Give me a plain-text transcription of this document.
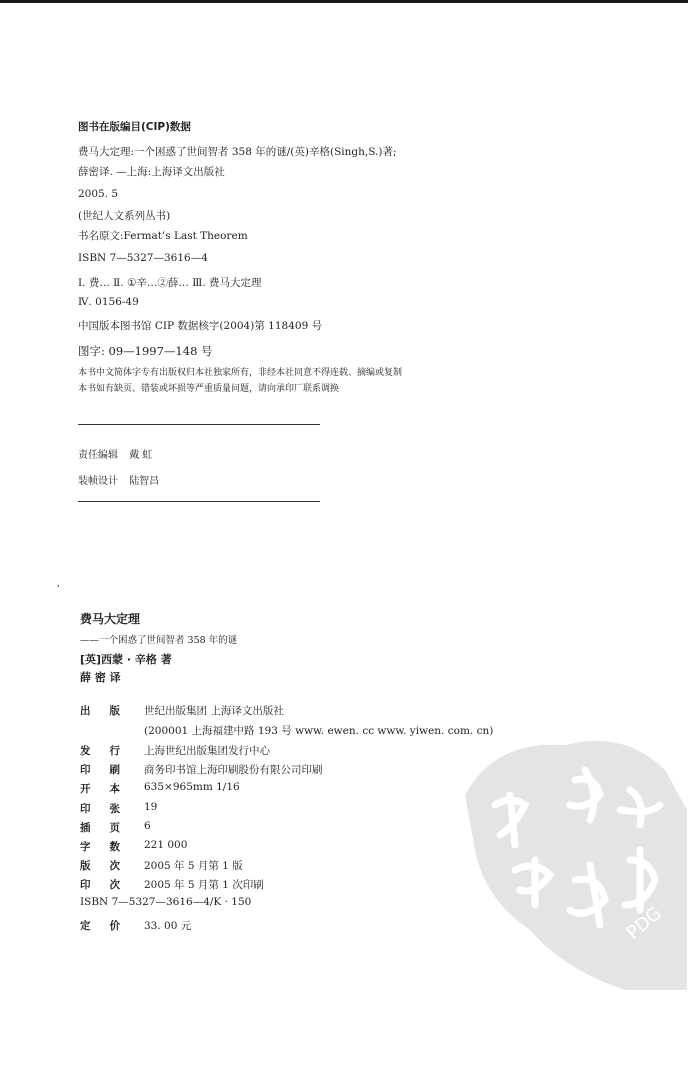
,
图书在版编目(CIP)数据
费马大定理:一个困惑了世间智者 358 年的谜/(英)辛格(Singh,S.)著;
薛密译. —上海:上海译文出版社
2005. 5
(世纪人文系列丛书)
书名原文:Fermat’s Last Theorem
ISBN 7—5327—3616—4
I. 费… Ⅱ. ①辛…②薛… Ⅲ. 费马大定理
Ⅳ. 0156-49
中国版本图书馆 CIP 数据核字(2004)第 118409 号
图字: 09—1997—148 号
本书中文简体字专有出版权归本社独家所有，非经本社同意不得连载、摘编或复制
本书如有缺页、错装或坏损等严重质量问题，请向承印厂联系调换
责任编辑 戴 虹
装帧设计 陆智昌
费马大定理
——一个困惑了世间智者 358 年的谜
[英]西蒙 · 辛格 著
薛 密 译
出版 世纪出版集团 上海译文出版社
(200001 上海福建中路 193 号 www. ewen. cc www. yiwen. com. cn)
发行 上海世纪出版集团发行中心
印刷 商务印书馆上海印刷股份有限公司印刷
开本 635×965mm 1/16
印张 19
插页 6
字数 221 000
版次 2005 年 5 月第 1 版
印次 2005 年 5 月第 1 次印刷
ISBN 7—5327—3616—4/K · 150
定价 33. 00 元	PDG
